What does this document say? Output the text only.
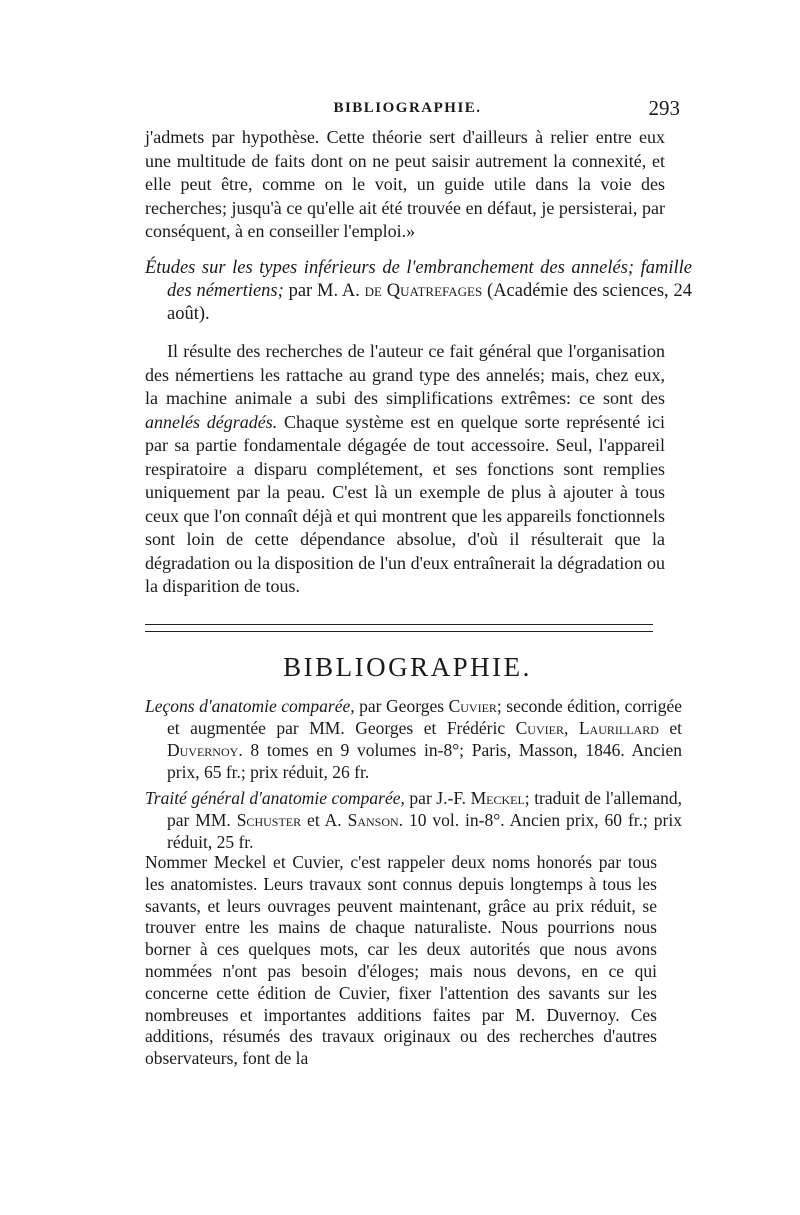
BIBLIOGRAPHIE.	293

j'admets par hypothèse. Cette théorie sert d'ailleurs à relier entre eux une multitude de faits dont on ne peut saisir autrement la connexité, et elle peut être, comme on le voit, un guide utile dans la voie des recherches; jusqu'à ce qu'elle ait été trouvée en défaut, je persisterai, par conséquent, à en conseiller l'emploi.»

Études sur les types inférieurs de l'embranchement des annelés; famille des némertiens; par M. A. de Quatrefages (Académie des sciences, 24 août).

Il résulte des recherches de l'auteur ce fait général que l'organisation des némertiens les rattache au grand type des annelés; mais, chez eux, la machine animale a subi des simplifications extrêmes: ce sont des annelés dégradés. Chaque système est en quelque sorte représenté ici par sa partie fondamentale dégagée de tout accessoire. Seul, l'appareil respiratoire a disparu complétement, et ses fonctions sont remplies uniquement par la peau. C'est là un exemple de plus à ajouter à tous ceux que l'on connaît déjà et qui montrent que les appareils fonctionnels sont loin de cette dépendance absolue, d'où il résulterait que la dégradation ou la disposition de l'un d'eux entraînerait la dégradation ou la disparition de tous.

BIBLIOGRAPHIE.

Leçons d'anatomie comparée, par Georges Cuvier; seconde édition, corrigée et augmentée par MM. Georges et Frédéric Cuvier, Laurillard et Duvernoy. 8 tomes en 9 volumes in-8°; Paris, Masson, 1846. Ancien prix, 65 fr.; prix réduit, 26 fr.

Traité général d'anatomie comparée, par J.-F. Meckel; traduit de l'allemand, par MM. Schuster et A. Sanson. 10 vol. in-8°. Ancien prix, 60 fr.; prix réduit, 25 fr.

Nommer Meckel et Cuvier, c'est rappeler deux noms honorés par tous les anatomistes. Leurs travaux sont connus depuis longtemps à tous les savants, et leurs ouvrages peuvent maintenant, grâce au prix réduit, se trouver entre les mains de chaque naturaliste. Nous pourrions nous borner à ces quelques mots, car les deux autorités que nous avons nommées n'ont pas besoin d'éloges; mais nous devons, en ce qui concerne cette édition de Cuvier, fixer l'attention des savants sur les nombreuses et importantes additions faites par M. Duvernoy. Ces additions, résumés des travaux originaux ou des recherches d'autres observateurs, font de la
